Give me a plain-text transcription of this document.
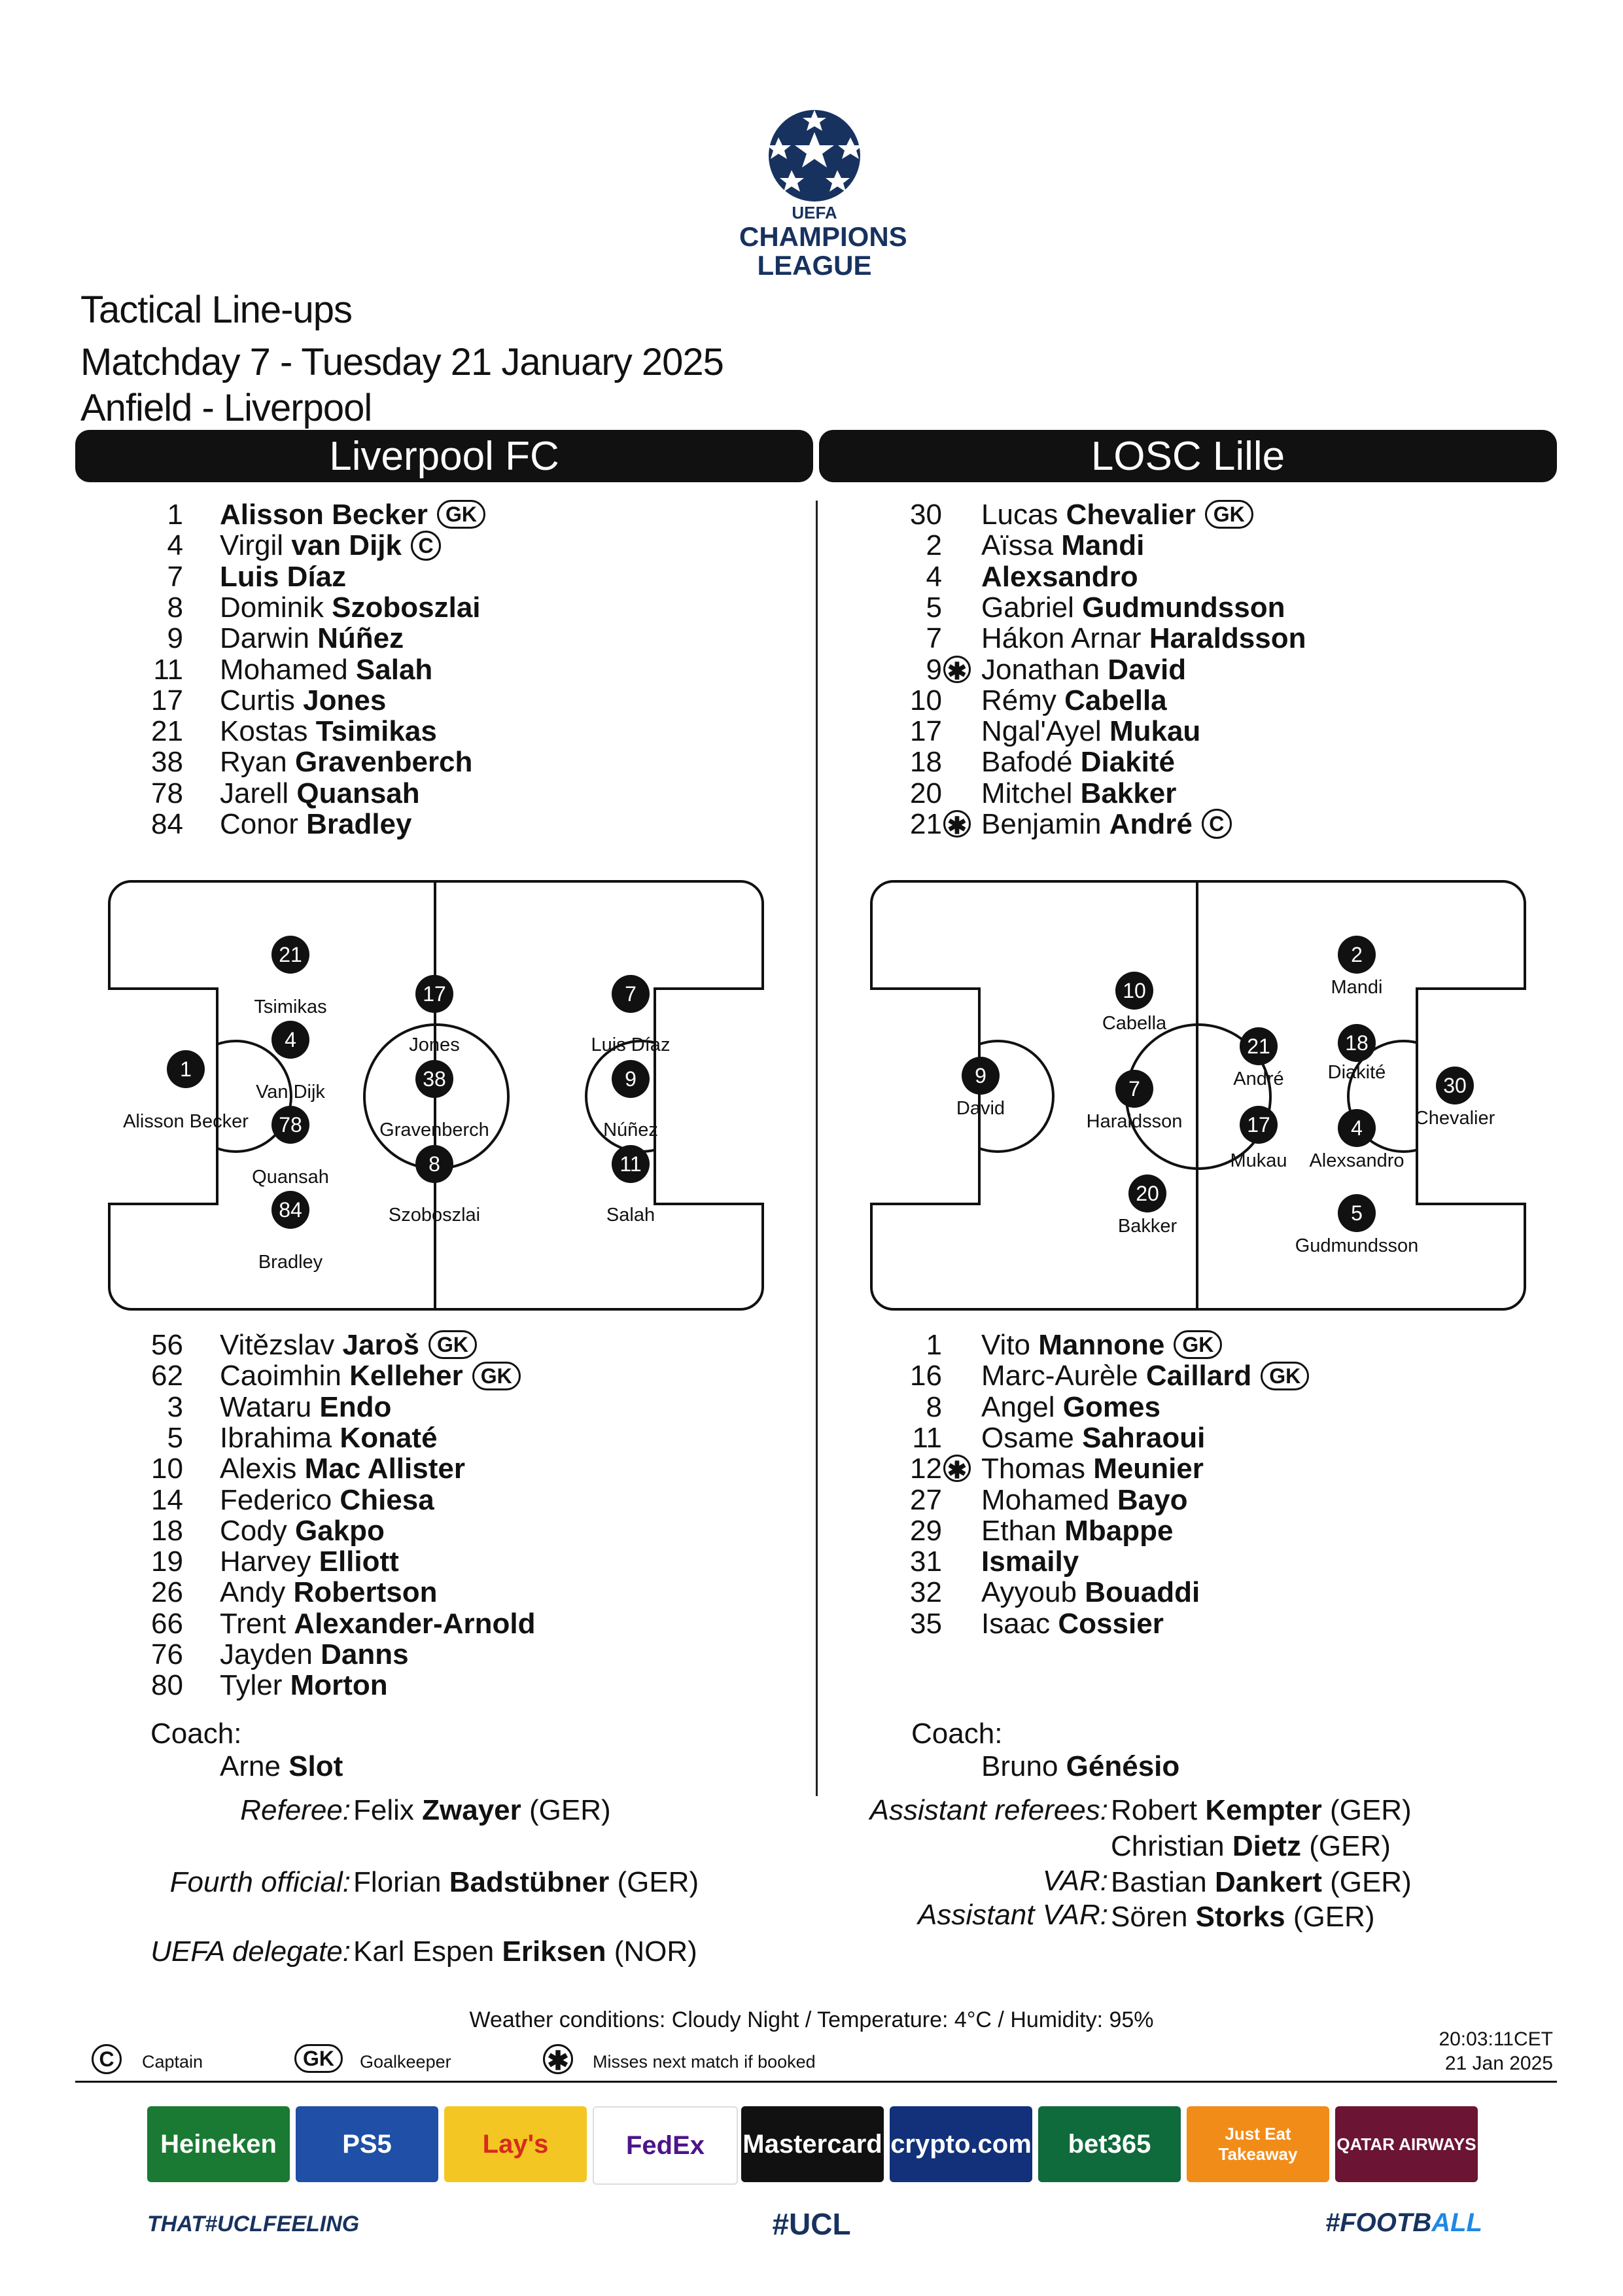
UEFA
CHAMPIONS
LEAGUE
Tactical Line-ups
Matchday 7 - Tuesday 21 January 2025
Anfield - Liverpool
Liverpool FC	LOSC Lille
1 Alisson Becker GK
4 Virgil van Dijk C
7 Luis Díaz
8 Dominik Szoboszlai
9 Darwin Núñez
11 Mohamed Salah
17 Curtis Jones
21 Kostas Tsimikas
38 Ryan Gravenberch
78 Jarell Quansah
84 Conor Bradley
30 Lucas Chevalier GK
2 Aïssa Mandi
4 Alexsandro
5 Gabriel Gudmundsson
7 Hákon Arnar Haraldsson
9 ✱ Jonathan David
10 Rémy Cabella
17 Ngal'Ayel Mukau
18 Bafodé Diakité
20 Mitchel Bakker
21 ✱ Benjamin André C
56 Vitězslav Jaroš GK
62 Caoimhin Kelleher GK
3 Wataru Endo
5 Ibrahima Konaté
10 Alexis Mac Allister
14 Federico Chiesa
18 Cody Gakpo
19 Harvey Elliott
26 Andy Robertson
66 Trent Alexander-Arnold
76 Jayden Danns
80 Tyler Morton
1 Vito Mannone GK
16 Marc-Aurèle Caillard GK
8 Angel Gomes
11 Osame Sahraoui
12 ✱ Thomas Meunier
27 Mohamed Bayo
29 Ethan Mbappe
31 Ismaily
32 Ayyoub Bouaddi
35 Isaac Cossier
1
Alisson Becker
21
Tsimikas
4
Van Dijk
78
Quansah
84
Bradley
17
Jones
38
Gravenberch
8
Szoboszlai
7
Luis Díaz
9
Núñez
11
Salah
30
Chevalier
2
Mandi
18
Diakité
4
Alexsandro
5
Gudmundsson
21
André
17
Mukau
10
Cabella
7
Haraldsson
20
Bakker
9
David
Coach:
Arne Slot
Coach:
Bruno Génésio
Referee: Felix Zwayer (GER)
Fourth official: Florian Badstübner (GER)
UEFA delegate: Karl Espen Eriksen (NOR)
Assistant referees: Robert Kempter (GER)
Christian Dietz (GER)
VAR: Bastian Dankert (GER)
Assistant VAR: Sören Storks (GER)
Weather conditions: Cloudy Night / Temperature: 4°C / Humidity: 95%
C	Captain	GK	Goalkeeper	✱ Misses next match if booked
20:03:11CET
21 Jan 2025
Heineken	PS5	Lay's	FedEx	Mastercard crypto.com	bet365	Just Eat Takeaway
QATAR AIRWAYS
THAT#UCLFEELING	#UCL	#FOOTBALL
